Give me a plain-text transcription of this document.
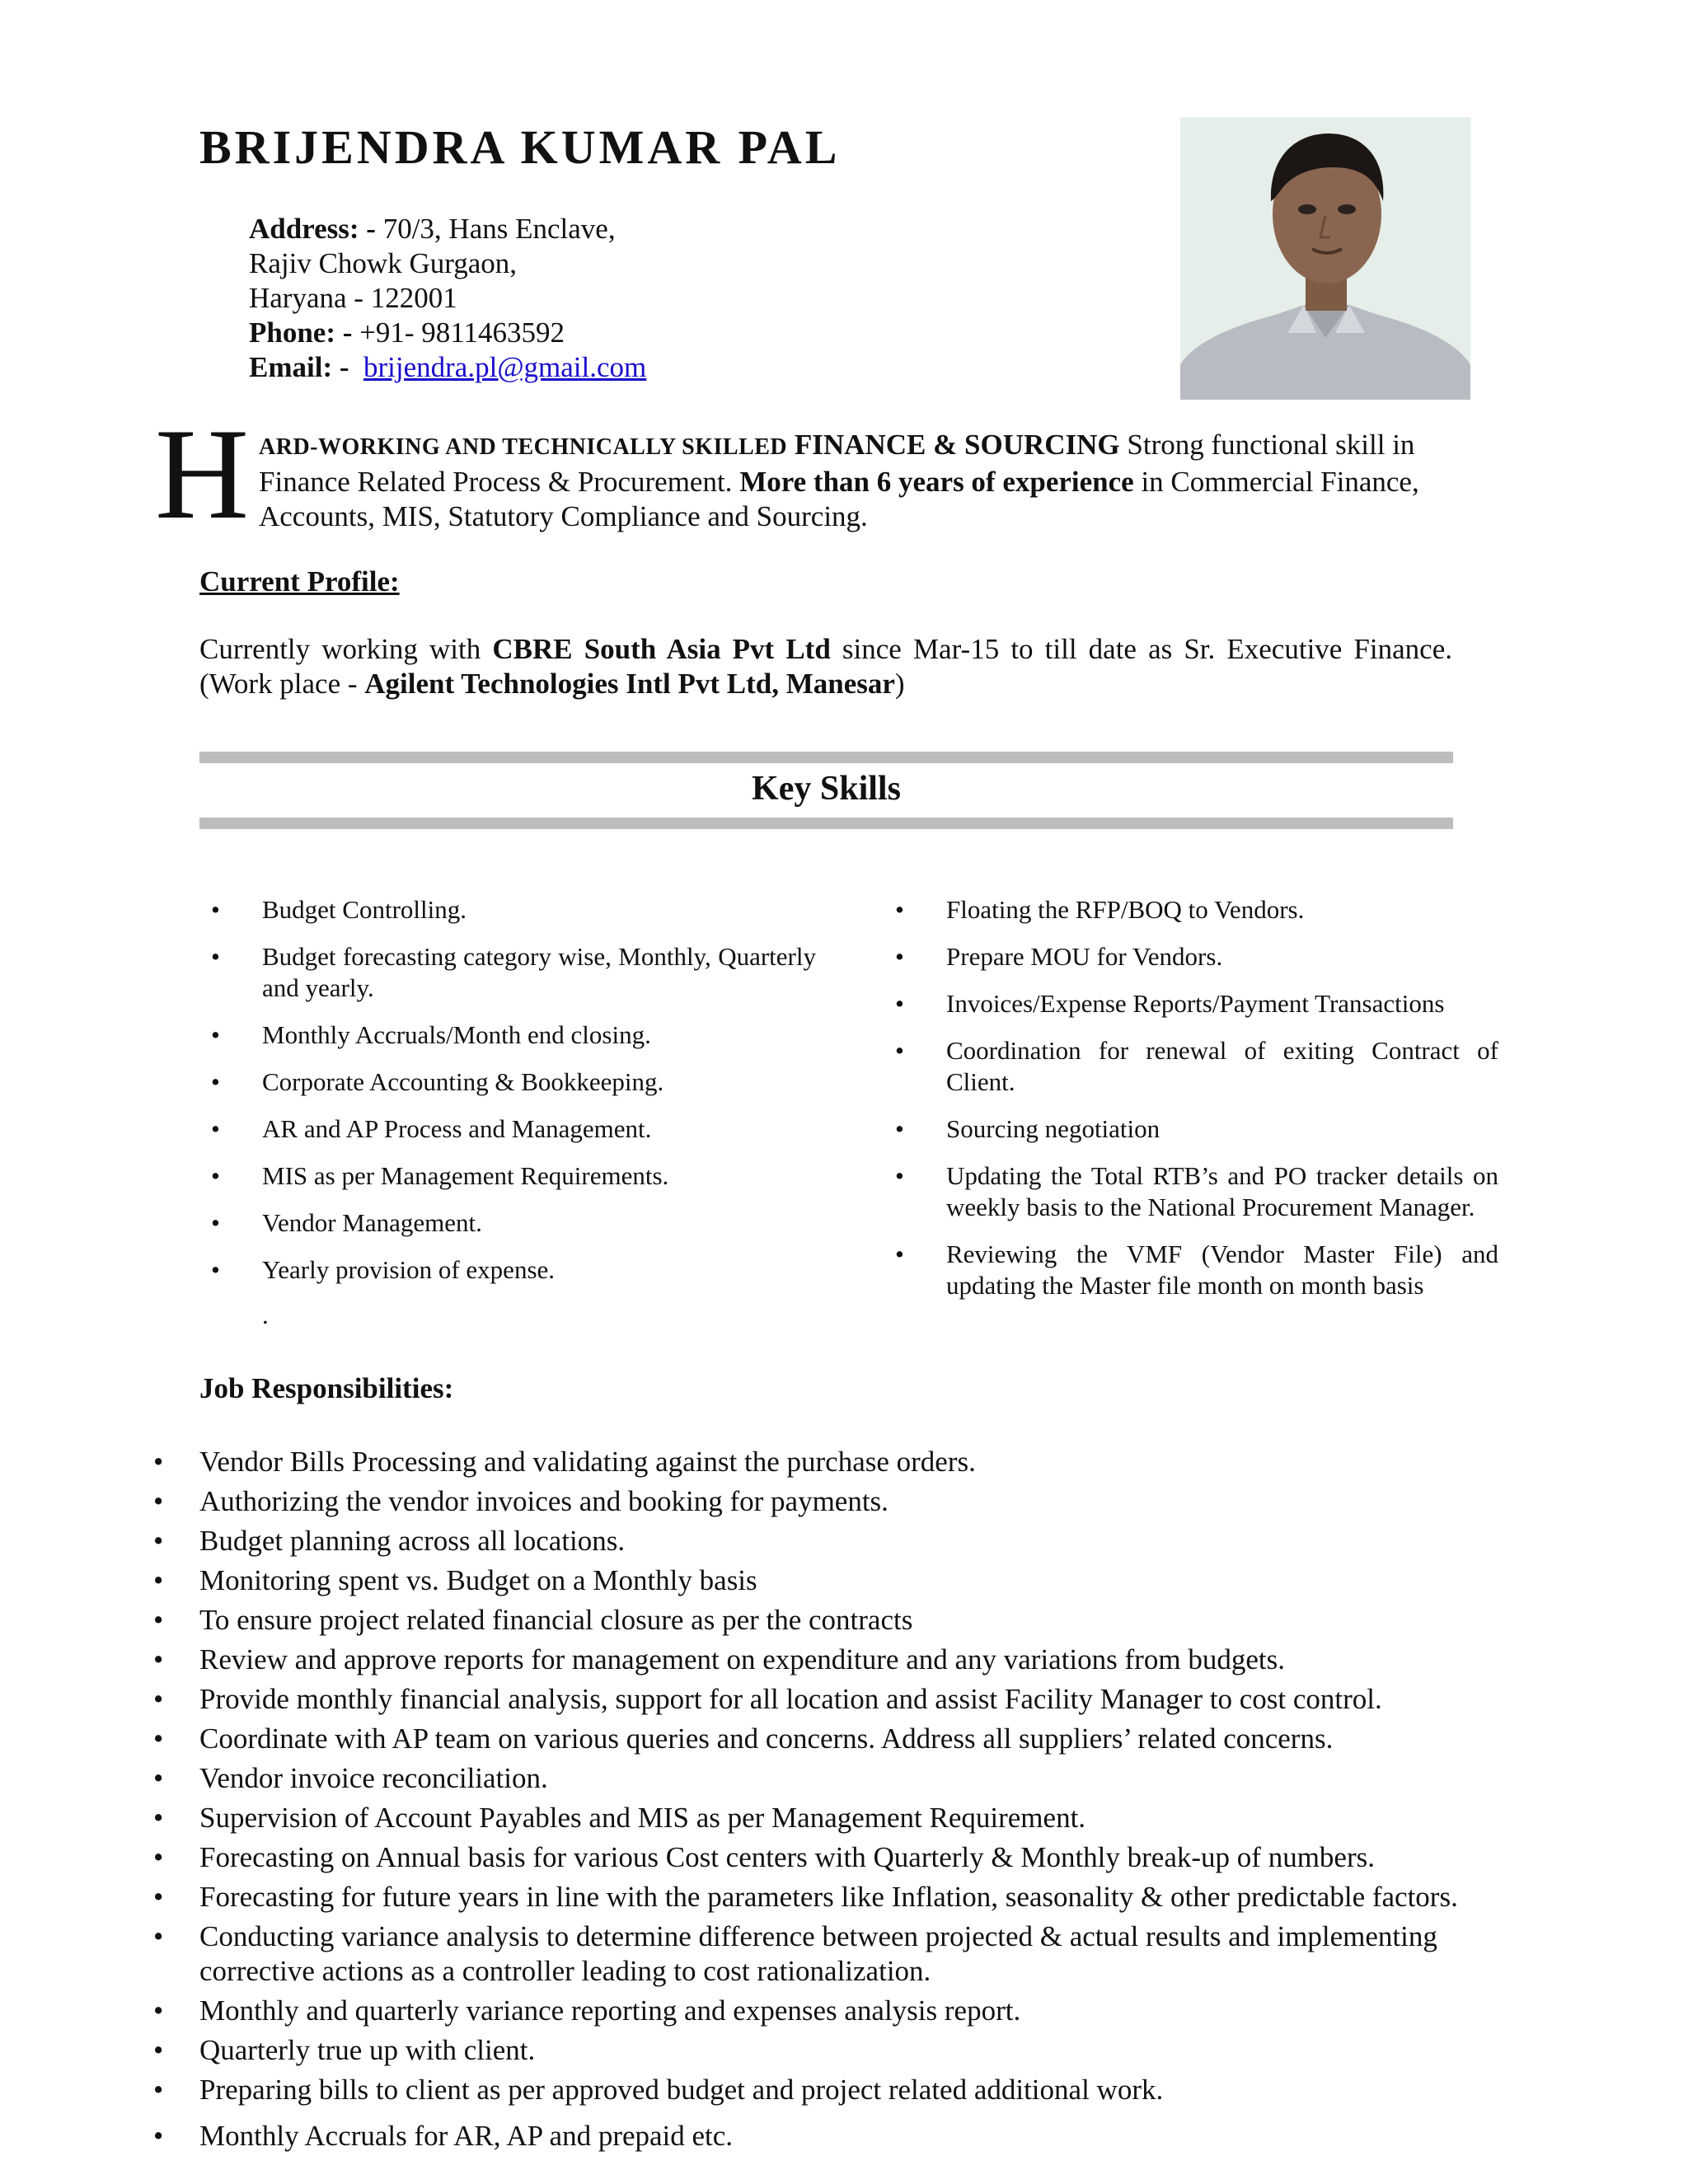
BRIJENDRA KUMAR PAL
Address: - 70/3, Hans Enclave,
Rajiv Chowk Gurgaon,
Haryana - 122001
Phone: - +91- 9811463592
Email: - brijendra.pl@gmail.com
H ARD-WORKING AND TECHNICALLY SKILLED FINANCE & SOURCING Strong functional skill in Finance Related Process & Procurement. More than 6 years of experience in Commercial Finance, Accounts, MIS, Statutory Compliance and Sourcing.
Current Profile:
Currently working with CBRE South Asia Pvt Ltd since Mar-15 to till date as Sr. Executive Finance. (Work place - Agilent Technologies Intl Pvt Ltd, Manesar)
Key Skills
• Budget Controlling.
• Budget forecasting category wise, Monthly, Quarterly and yearly.
• Monthly Accruals/Month end closing.
• Corporate Accounting & Bookkeeping.
• AR and AP Process and Management.
• MIS as per Management Requirements.
• Vendor Management.
• Yearly provision of expense.
.
• Floating the RFP/BOQ to Vendors.
• Prepare MOU for Vendors.
• Invoices/Expense Reports/Payment Transactions
• Coordination for renewal of exiting Contract of Client.
• Sourcing negotiation
• Updating the Total RTB’s and PO tracker details on weekly basis to the National Procurement Manager.
• Reviewing the VMF (Vendor Master File) and updating the Master file month on month basis
Job Responsibilities:
• Vendor Bills Processing and validating against the purchase orders.
• Authorizing the vendor invoices and booking for payments.
• Budget planning across all locations.
• Monitoring spent vs. Budget on a Monthly basis
• To ensure project related financial closure as per the contracts
• Review and approve reports for management on expenditure and any variations from budgets.
• Provide monthly financial analysis, support for all location and assist Facility Manager to cost control.
• Coordinate with AP team on various queries and concerns. Address all suppliers’ related concerns.
• Vendor invoice reconciliation.
• Supervision of Account Payables and MIS as per Management Requirement.
• Forecasting on Annual basis for various Cost centers with Quarterly & Monthly break-up of numbers.
• Forecasting for future years in line with the parameters like Inflation, seasonality & other predictable factors.
• Conducting variance analysis to determine difference between projected & actual results and implementing corrective actions as a controller leading to cost rationalization.
• Monthly and quarterly variance reporting and expenses analysis report.
• Quarterly true up with client.
• Preparing bills to client as per approved budget and project related additional work.
• Monthly Accruals for AR, AP and prepaid etc.
